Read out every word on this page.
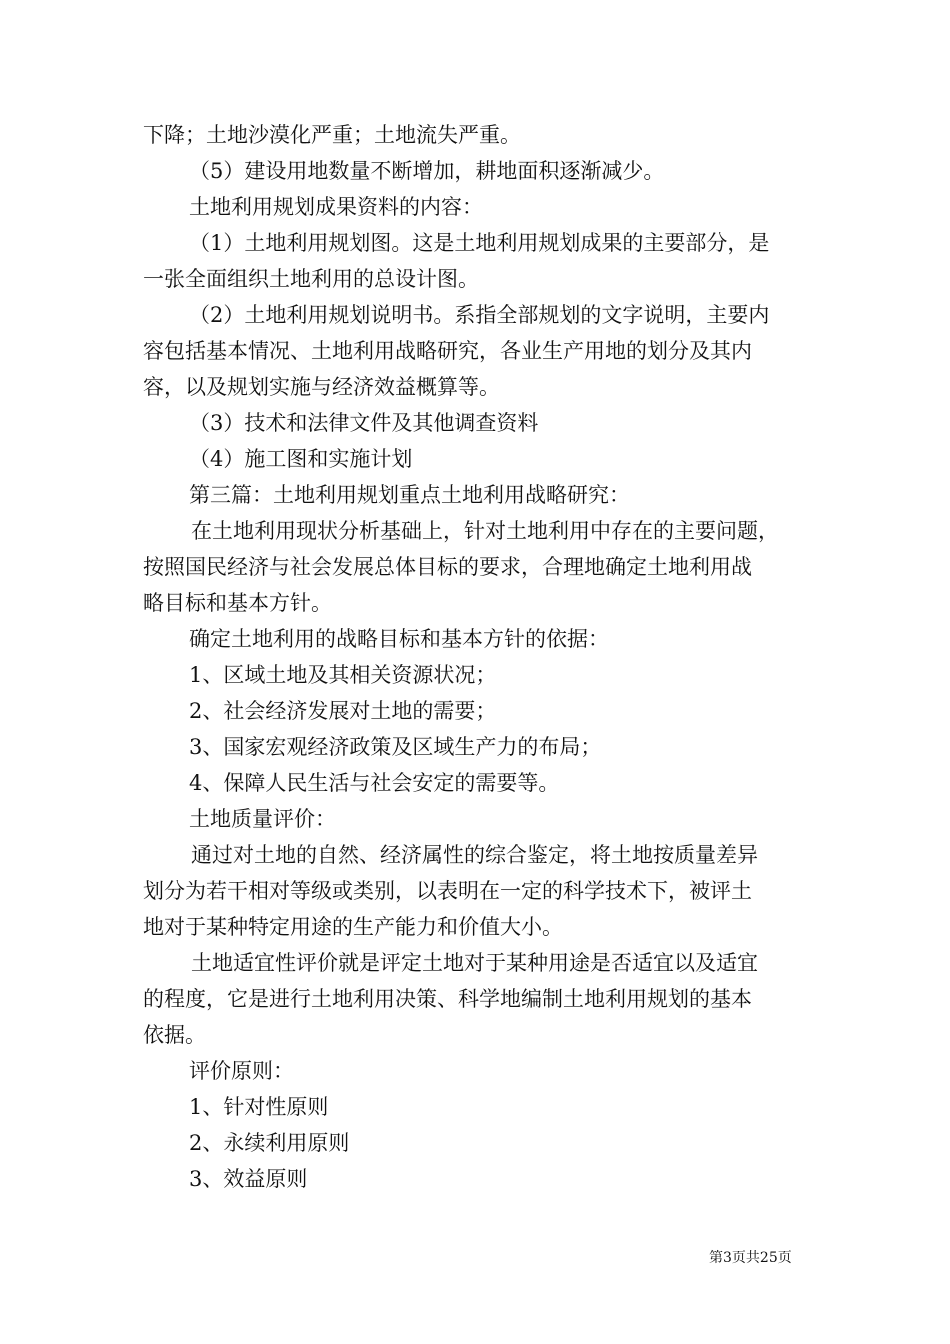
下降；土地沙漠化严重；土地流失严重。
（5）建设用地数量不断增加，耕地面积逐渐减少。
土地利用规划成果资料的内容：
（1）土地利用规划图。这是土地利用规划成果的主要部分，是
一张全面组织土地利用的总设计图。
（2）土地利用规划说明书。系指全部规划的文字说明，主要内
容包括基本情况、土地利用战略研究，各业生产用地的划分及其内
容，以及规划实施与经济效益概算等。
（3）技术和法律文件及其他调查资料
（4）施工图和实施计划
第三篇：土地利用规划重点土地利用战略研究：
在土地利用现状分析基础上，针对土地利用中存在的主要问题，
按照国民经济与社会发展总体目标的要求，合理地确定土地利用战
略目标和基本方针。
确定土地利用的战略目标和基本方针的依据：
1、区域土地及其相关资源状况；
2、社会经济发展对土地的需要；
3、国家宏观经济政策及区域生产力的布局；
4、保障人民生活与社会安定的需要等。
土地质量评价：
通过对土地的自然、经济属性的综合鉴定，将土地按质量差异
划分为若干相对等级或类别，以表明在一定的科学技术下，被评土
地对于某种特定用途的生产能力和价值大小。
土地适宜性评价就是评定土地对于某种用途是否适宜以及适宜
的程度，它是进行土地利用决策、科学地编制土地利用规划的基本
依据。
评价原则：
1、针对性原则
2、永续利用原则
3、效益原则
第3页共25页
